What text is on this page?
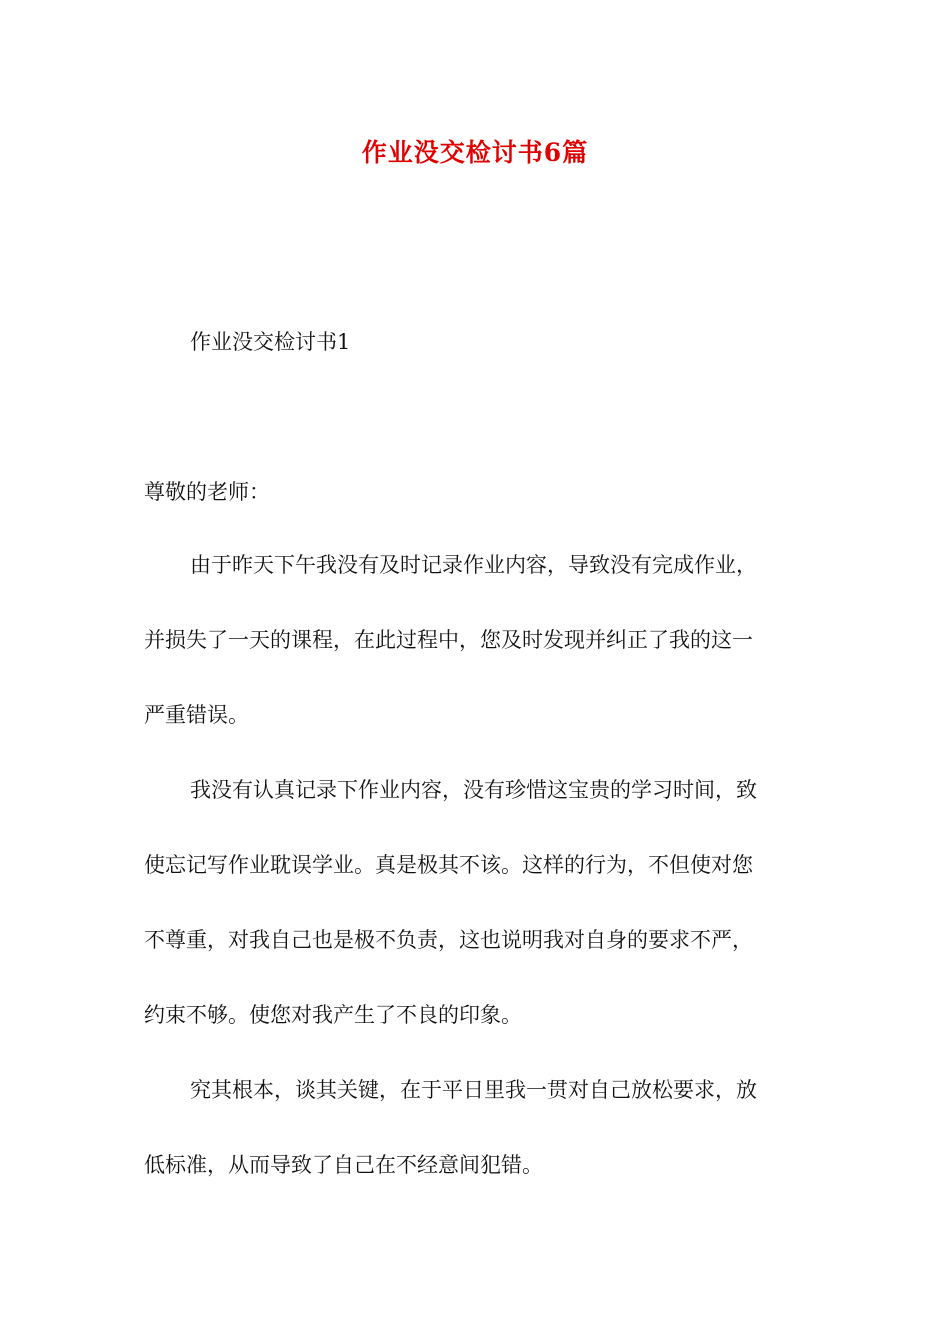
作业没交检讨书6篇
作业没交检讨书1
尊敬的老师：
由于昨天下午我没有及时记录作业内容，导致没有完成作业，
并损失了一天的课程，在此过程中，您及时发现并纠正了我的这一
严重错误。
我没有认真记录下作业内容，没有珍惜这宝贵的学习时间，致
使忘记写作业耽误学业。真是极其不该。这样的行为，不但使对您
不尊重，对我自己也是极不负责，这也说明我对自身的要求不严，
约束不够。使您对我产生了不良的印象。
究其根本，谈其关键，在于平日里我一贯对自己放松要求，放
低标准，从而导致了自己在不经意间犯错。
